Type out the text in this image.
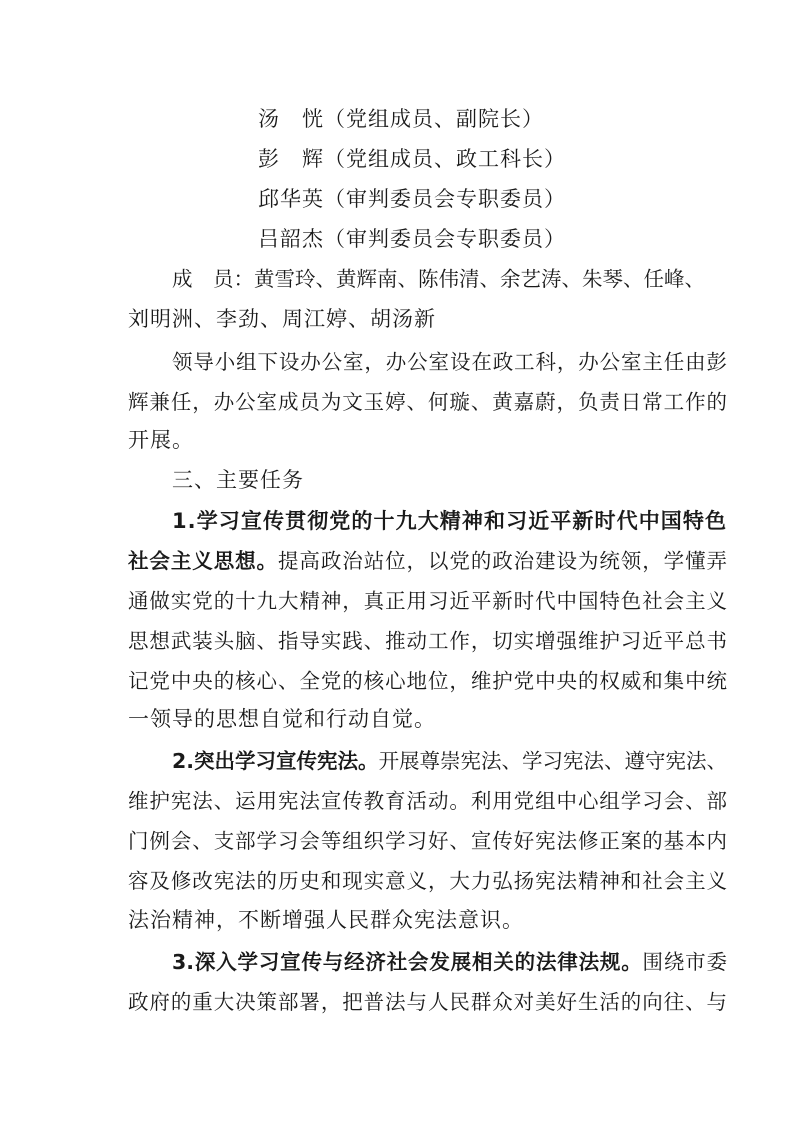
汤　恍（党组成员、副院长）
彭　辉（党组成员、政工科长）
邱华英（审判委员会专职委员）
吕韶杰（审判委员会专职委员）
成　员：黄雪玲、黄辉南、陈伟清、余艺涛、朱琴、任峰、
刘明洲、李劲、周江婷、胡汤新
领导小组下设办公室，办公室设在政工科，办公室主任由彭
辉兼任，办公室成员为文玉婷、何璇、黄嘉蔚，负责日常工作的
开展。
三、主要任务
1.学习宣传贯彻党的十九大精神和习近平新时代中国特色
社会主义思想。提高政治站位，以党的政治建设为统领，学懂弄
通做实党的十九大精神，真正用习近平新时代中国特色社会主义
思想武装头脑、指导实践、推动工作，切实增强维护习近平总书
记党中央的核心、全党的核心地位，维护党中央的权威和集中统
一领导的思想自觉和行动自觉。
2.突出学习宣传宪法。开展尊崇宪法、学习宪法、遵守宪法、
维护宪法、运用宪法宣传教育活动。利用党组中心组学习会、部
门例会、支部学习会等组织学习好、宣传好宪法修正案的基本内
容及修改宪法的历史和现实意义，大力弘扬宪法精神和社会主义
法治精神，不断增强人民群众宪法意识。
3.深入学习宣传与经济社会发展相关的法律法规。围绕市委
政府的重大决策部署，把普法与人民群众对美好生活的向往、与
